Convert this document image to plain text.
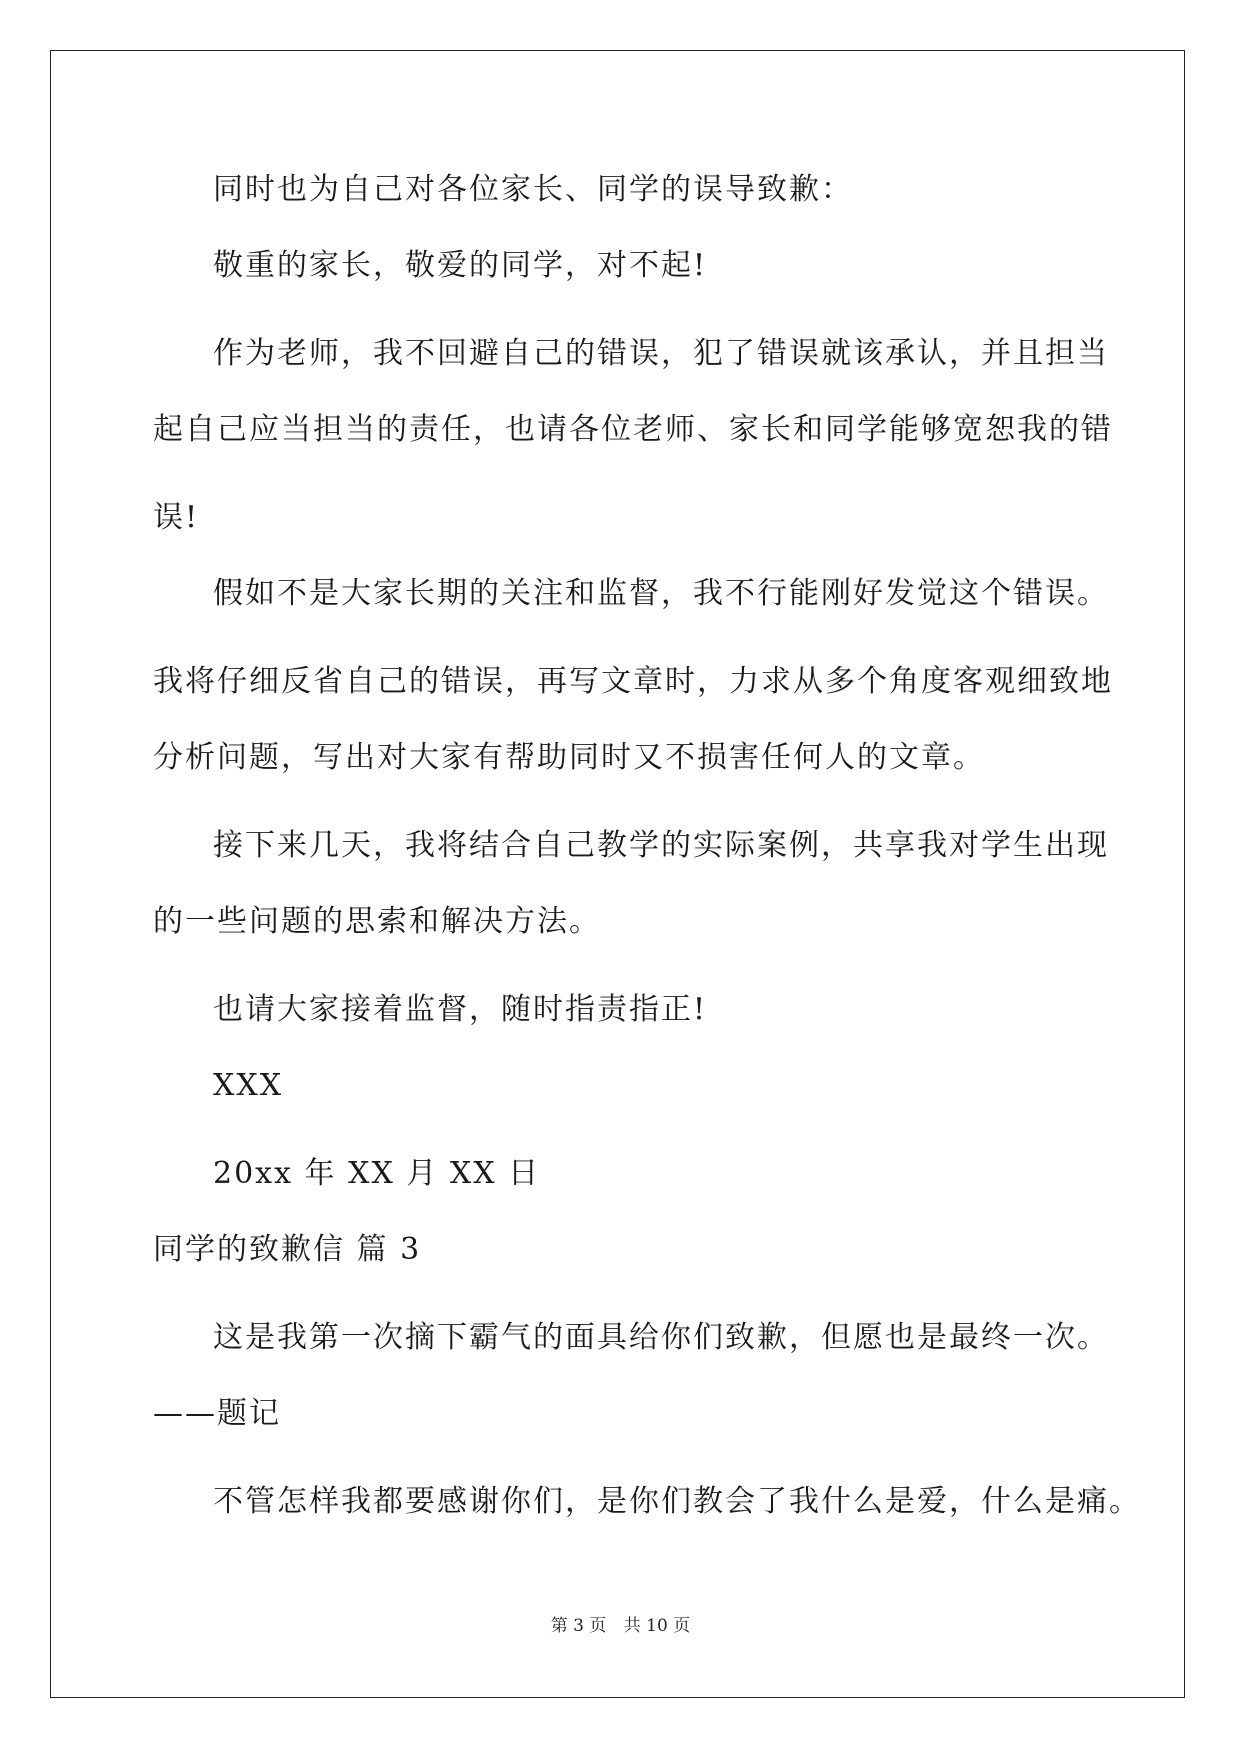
同时也为自己对各位家长、同学的误导致歉：
敬重的家长，敬爱的同学，对不起!
作为老师，我不回避自己的错误，犯了错误就该承认，并且担当
起自己应当担当的责任，也请各位老师、家长和同学能够宽恕我的错
误!
假如不是大家长期的关注和监督，我不行能刚好发觉这个错误。
我将仔细反省自己的错误，再写文章时，力求从多个角度客观细致地
分析问题，写出对大家有帮助同时又不损害任何人的文章。
接下来几天，我将结合自己教学的实际案例，共享我对学生出现
的一些问题的思索和解决方法。
也请大家接着监督，随时指责指正!
XXX
20xx 年 XX 月 XX 日
同学的致歉信 篇 3
这是我第一次摘下霸气的面具给你们致歉，但愿也是最终一次。
——题记
不管怎样我都要感谢你们，是你们教会了我什么是爱，什么是痛。
第 3 页 共 10 页
